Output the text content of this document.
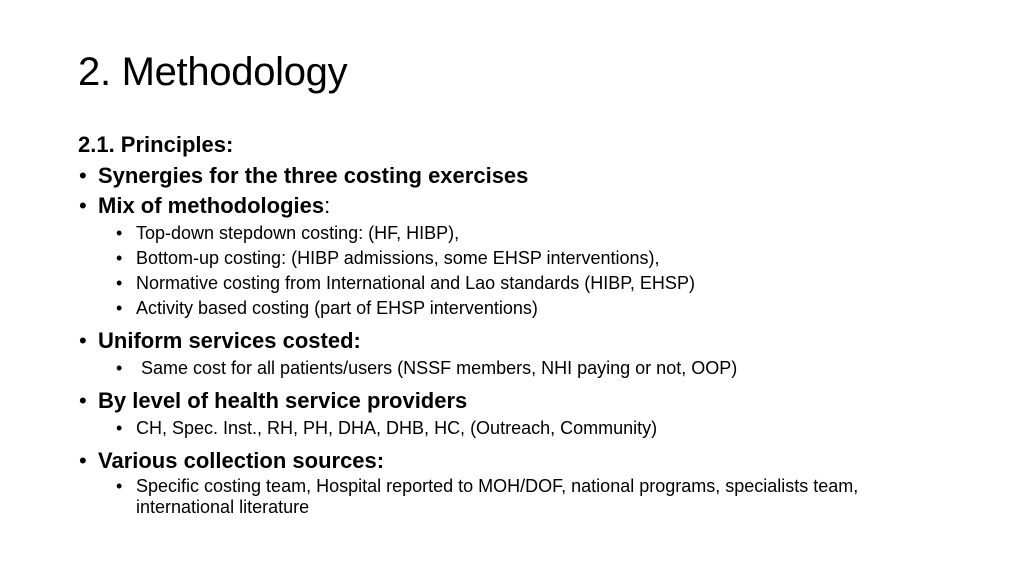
2. Methodology
2.1. Principles:
• Synergies for the three costing exercises
• Mix of methodologies:
• Top-down stepdown costing: (HF, HIBP),
• Bottom-up costing: (HIBP admissions, some EHSP interventions),
• Normative costing from International and Lao standards (HIBP, EHSP)
• Activity based costing (part of EHSP interventions)
• Uniform services costed:
• Same cost for all patients/users (NSSF members, NHI paying or not, OOP)
• By level of health service providers
• CH, Spec. Inst., RH, PH, DHA, DHB, HC, (Outreach, Community)
• Various collection sources:
• Specific costing team, Hospital reported to MOH/DOF, national programs, specialists team, international literature
